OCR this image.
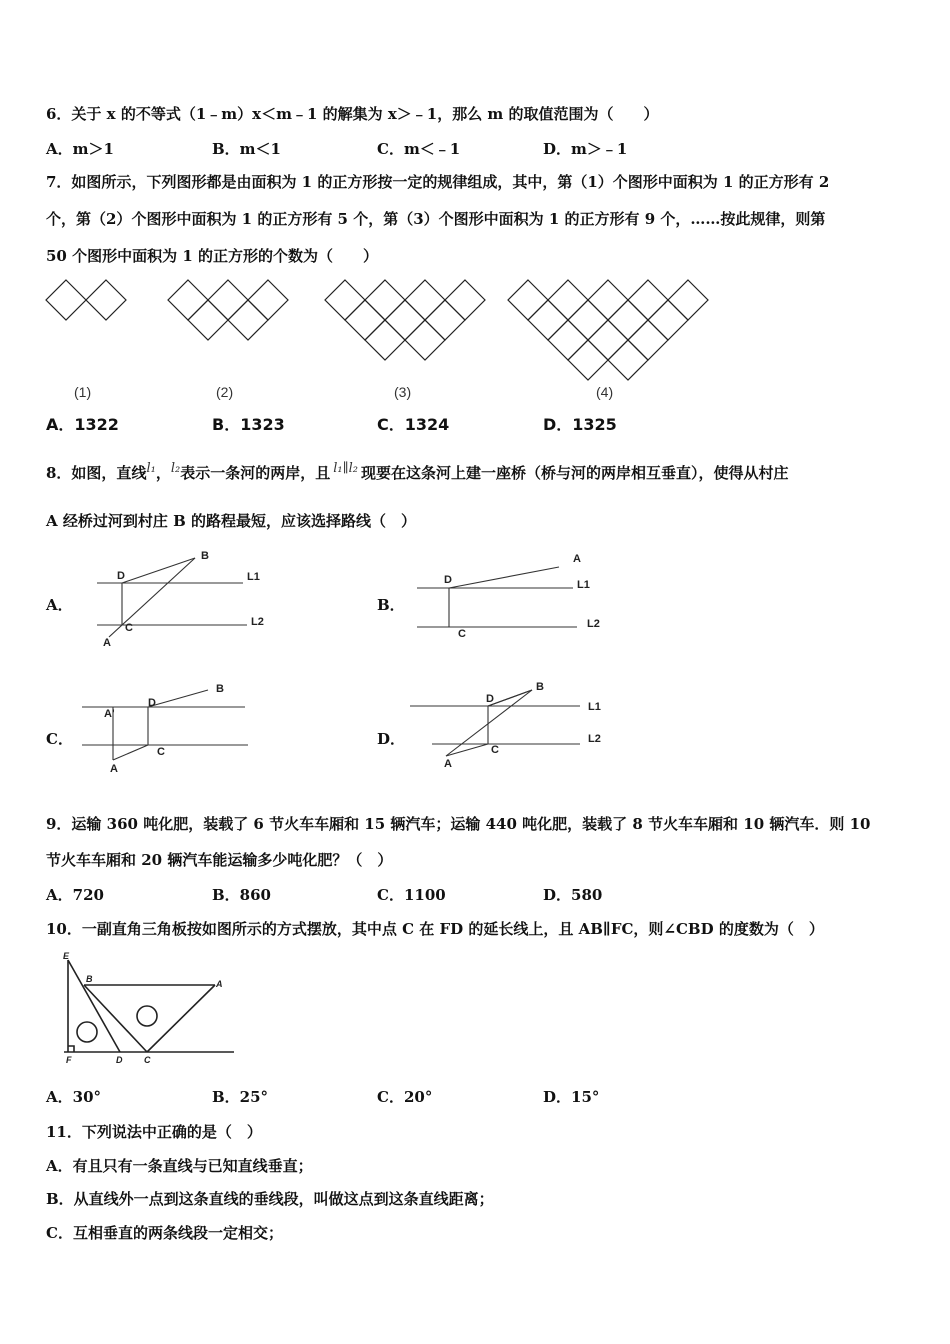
6．关于 x 的不等式（1﹣m）x＜m﹣1 的解集为 x＞﹣1，那么 m 的取值范围为（　　）
A．m＞1	B．m＜1	C．m＜﹣1	D．m＞﹣1
7．如图所示，下列图形都是由面积为 1 的正方形按一定的规律组成，其中，第（1）个图形中面积为 1 的正方形有 2
个，第（2）个图形中面积为 1 的正方形有 5 个，第（3）个图形中面积为 1 的正方形有 9 个，……按此规律，则第
50 个图形中面积为 1 的正方形的个数为（　　）
(1)	(2)	(3)	(4)
A．1322	B．1323	C．1324	D．1325
8．如图，直线l₁，l₂表示一条河的两岸，且 l₁∥l₂ 现要在这条河上建一座桥（桥与河的两岸相互垂直），使得从村庄
A 经桥过河到村庄 B 的路程最短，应该选择路线（　）
A．	B．
C．	D．
D
B
L1
L2
C
A
A
D	L1
L2
C
B
D
A'
C
A
D
B
L1
L2
C
A
9．运输 360 吨化肥，装载了 6 节火车车厢和 15 辆汽车；运输 440 吨化肥，装载了 8 节火车车厢和 10 辆汽车．则 10
节火车车厢和 20 辆汽车能运输多少吨化肥？（　）
A．720	B．860	C．1100	D．580
10．一副直角三角板按如图所示的方式摆放，其中点 C 在 FD 的延长线上，且 AB∥FC，则∠CBD 的度数为（　）
E
B	A
F	D C
A．30°	B．25°	C．20°	D．15°
11．下列说法中正确的是（　）
A．有且只有一条直线与已知直线垂直；
B．从直线外一点到这条直线的垂线段，叫做这点到这条直线距离；
C．互相垂直的两条线段一定相交；
